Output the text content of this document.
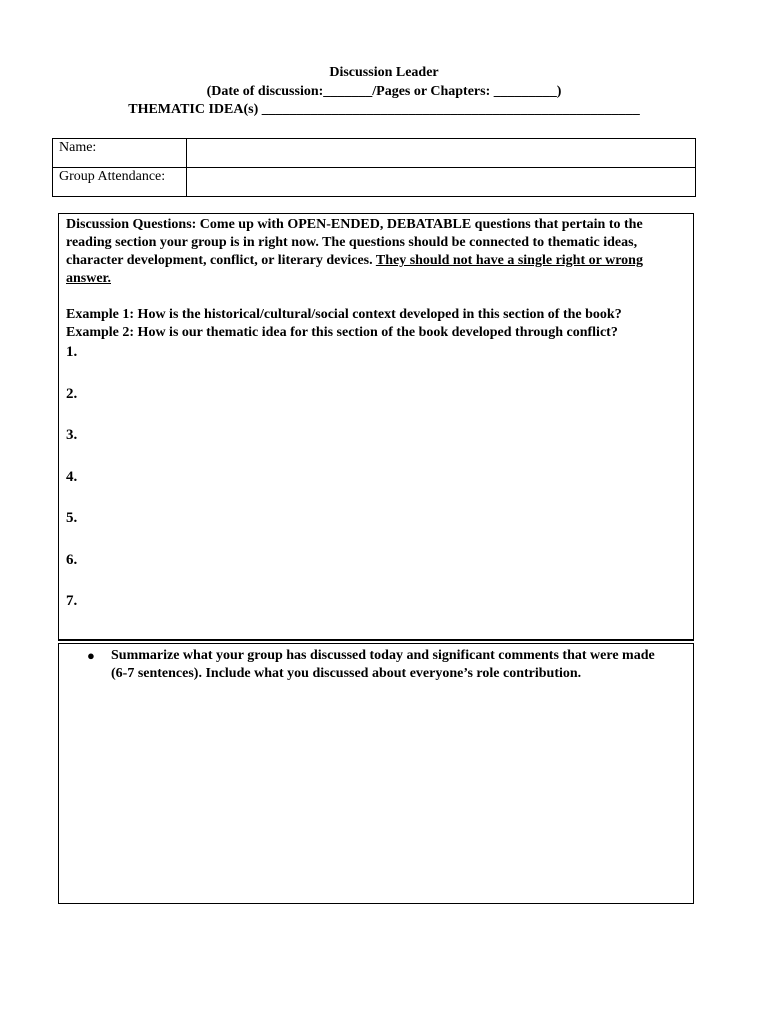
Discussion Leader
(Date of discussion:_______/Pages or Chapters: _________)
THEMATIC IDEA(s) ______________________________________________________
Name:	
Group Attendance:	

Discussion Questions: Come up with OPEN-ENDED, DEBATABLE questions that pertain to the reading section your group is in right now. The questions should be connected to thematic ideas, character development, conflict, or literary devices. They should not have a single right or wrong answer.

Example 1: How is the historical/cultural/social context developed in this section of the book?

Example 2: How is our thematic idea for this section of the book developed through conflict?

1.
2.
3.
4.
5.
6.
7.
●	Summarize what your group has discussed today and significant comments that were made (6-7 sentences). Include what you discussed about everyone’s role contribution.
